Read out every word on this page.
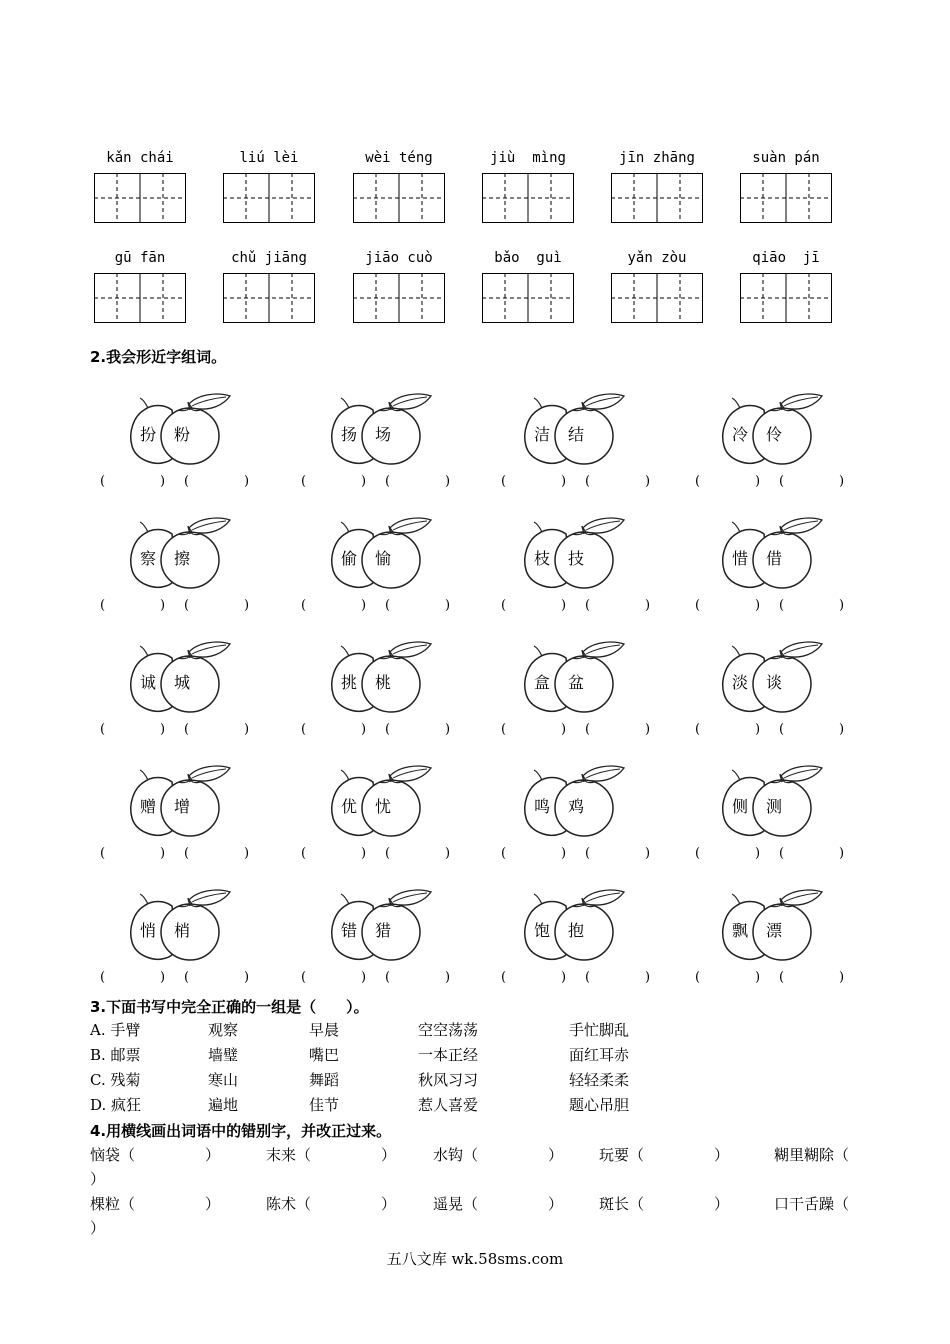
kǎn chái	liú lèi	wèi téng	jiù  mìng	jīn zhāng	suàn pán
gū fān	chǔ jiāng	jiāo cuò	bǎo  guì	yǎn zòu	qiāo  jī
2.我会形近字组词。
扮 粉
(	) (	)
扬 场
(	) (	)
洁 结
(	) (	)
冷 伶
(	) (	)
察 擦
(	) (	)
偷 愉
(	) (	)
枝 技
(	) (	)
惜 借
(	) (	)
诚 城
(	) (	)
挑 桃
(	) (	)
盒 盆
(	) (	)
淡 谈
(	) (	)
赠 增
(	) (	)
优 忧
(	) (	)
鸣 鸡
(	) (	)
侧 测
(	) (	)
悄 梢
(	) (	)
错 猎
(	) (	)
饱 抱
(	) (	)
飘 漂
(	) (	)
3.下面书写中完全正确的一组是（　　）。
A. 手臂	观察	早晨	空空荡荡	手忙脚乱
B. 邮票	墙璧	嘴巴	一本正经	面红耳赤
C. 残菊	寒山	舞蹈	秋风习习	轻轻柔柔
D. 疯狂	遍地	佳节	惹人喜爱	题心吊胆
4.用横线画出词语中的错别字，并改正过来。
恼袋（	）	末来（	） 水钩（	） 玩要（	）	糊里糊除（
）
棵粒（	）	陈术（	） 遥晃（	） 斑长（	）	口干舌躁（
）
五八文库 wk.58sms.com
